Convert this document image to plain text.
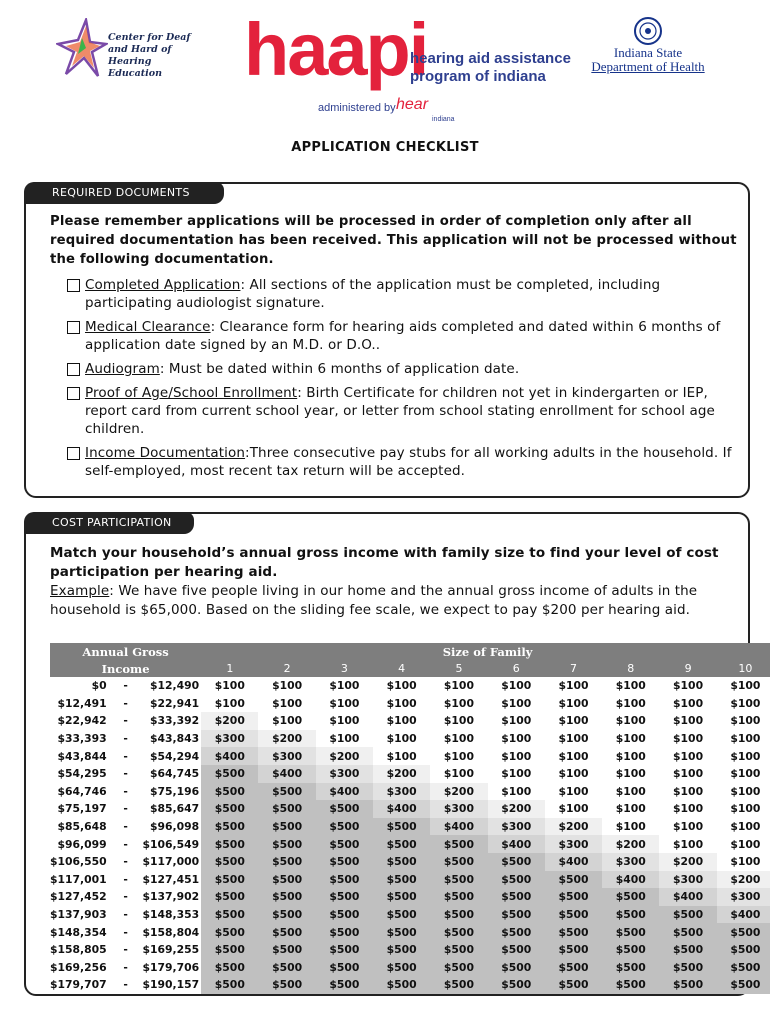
Center for Deaf
and Hard of Hearing
Education	haapi
hearing aid assistance
program of indiana
administered by hear
indiana
Indiana State
Department of Health
APPLICATION CHECKLIST
REQUIRED DOCUMENTS
Please remember applications will be processed in order of completion only after all required documentation has been received. This application will not be processed without the following documentation.
Completed Application: All sections of the application must be completed, including participating audiologist signature.
Medical Clearance: Clearance form for hearing aids completed and dated within 6 months of application date signed by an M.D. or D.O..
Audiogram: Must be dated within 6 months of application date.
Proof of Age/School Enrollment: Birth Certificate for children not yet in kindergarten or IEP, report card from current school year, or letter from school stating enrollment for school age children.
Income Documentation:Three consecutive pay stubs for all working adults in the household. If self-employed, most recent tax return will be accepted.
COST PARTICIPATION
Match your household’s annual gross income with family size to find your level of cost participation per hearing aid.
Example: We have five people living in our home and the annual gross income of adults in the household is $65,000. Based on the sliding fee scale, we expect to pay $200 per hearing aid.
Annual Gross			Size of Family									
Income			1	2	3	4	5	6	7	8	9	10
$0	-	$12,490	$100	$100	$100	$100	$100	$100	$100	$100	$100	$100
$12,491	-	$22,941	$100	$100	$100	$100	$100	$100	$100	$100	$100	$100
$22,942	-	$33,392	$200	$100	$100	$100	$100	$100	$100	$100	$100	$100
$33,393	-	$43,843	$300	$200	$100	$100	$100	$100	$100	$100	$100	$100
$43,844	-	$54,294	$400	$300	$200	$100	$100	$100	$100	$100	$100	$100
$54,295	-	$64,745	$500	$400	$300	$200	$100	$100	$100	$100	$100	$100
$64,746	-	$75,196	$500	$500	$400	$300	$200	$100	$100	$100	$100	$100
$75,197	-	$85,647	$500	$500	$500	$400	$300	$200	$100	$100	$100	$100
$85,648	-	$96,098	$500	$500	$500	$500	$400	$300	$200	$100	$100	$100
$96,099	-	$106,549	$500	$500	$500	$500	$500	$400	$300	$200	$100	$100
$106,550	-	$117,000	$500	$500	$500	$500	$500	$500	$400	$300	$200	$100
$117,001	-	$127,451	$500	$500	$500	$500	$500	$500	$500	$400	$300	$200
$127,452	-	$137,902	$500	$500	$500	$500	$500	$500	$500	$500	$400	$300
$137,903	-	$148,353	$500	$500	$500	$500	$500	$500	$500	$500	$500	$400
$148,354	-	$158,804	$500	$500	$500	$500	$500	$500	$500	$500	$500	$500
$158,805	-	$169,255	$500	$500	$500	$500	$500	$500	$500	$500	$500	$500
$169,256	-	$179,706	$500	$500	$500	$500	$500	$500	$500	$500	$500	$500
$179,707	-	$190,157	$500	$500	$500	$500	$500	$500	$500	$500	$500	$500
